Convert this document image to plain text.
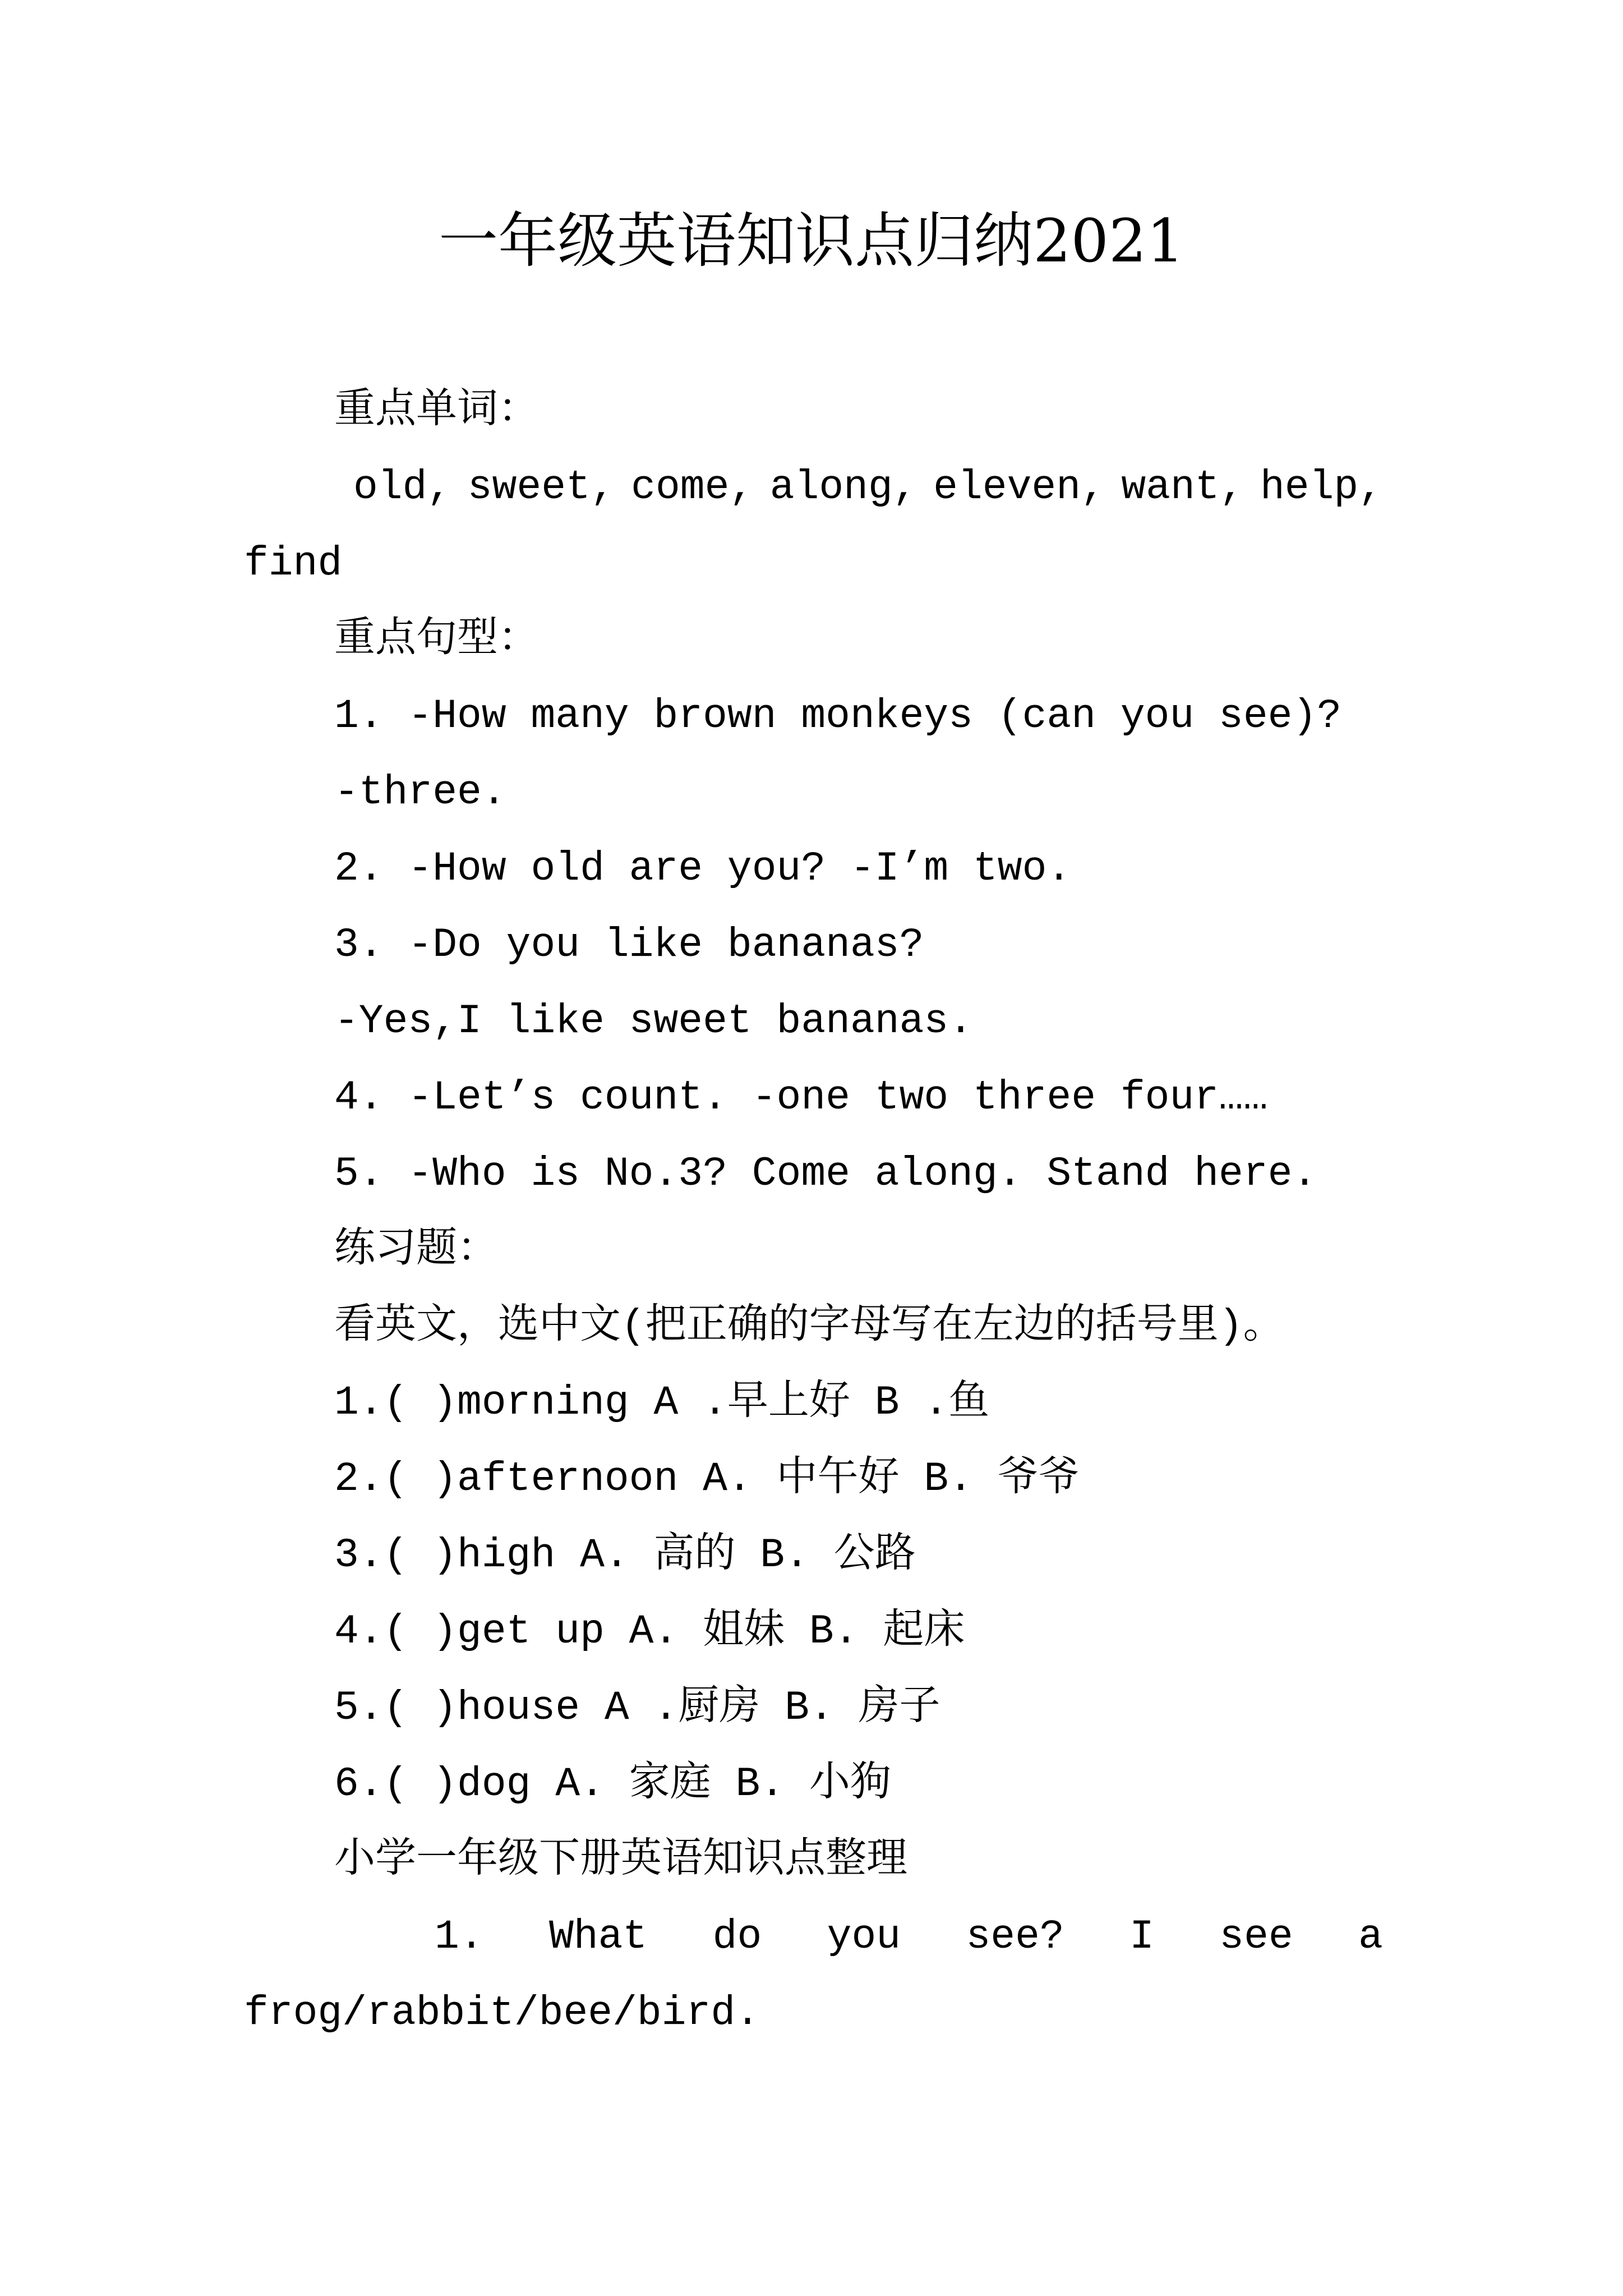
一年级英语知识点归纳2021
重点单词：
old, sweet, come, along, eleven, want, help,
find
重点句型：
1. -How many brown monkeys (can you see)?
-three.
2. -How old are you? -I’m two.
3. -Do you like bananas?
-Yes,I like sweet bananas.
4. -Let’s count. -one two three four……
5. -Who is No.3? Come along. Stand here.
练习题：
看英文，选中文(把正确的字母写在左边的括号里)。
1.( )morning A .早上好 B .鱼
2.( )afternoon A. 中午好 B. 爷爷
3.( )high A. 高的 B. 公路
4.( )get up A. 姐妹 B. 起床
5.( )house A .厨房 B. 房子
6.( )dog A. 家庭 B. 小狗
小学一年级下册英语知识点整理
1. What do you see? I see a
frog/rabbit/bee/bird.
